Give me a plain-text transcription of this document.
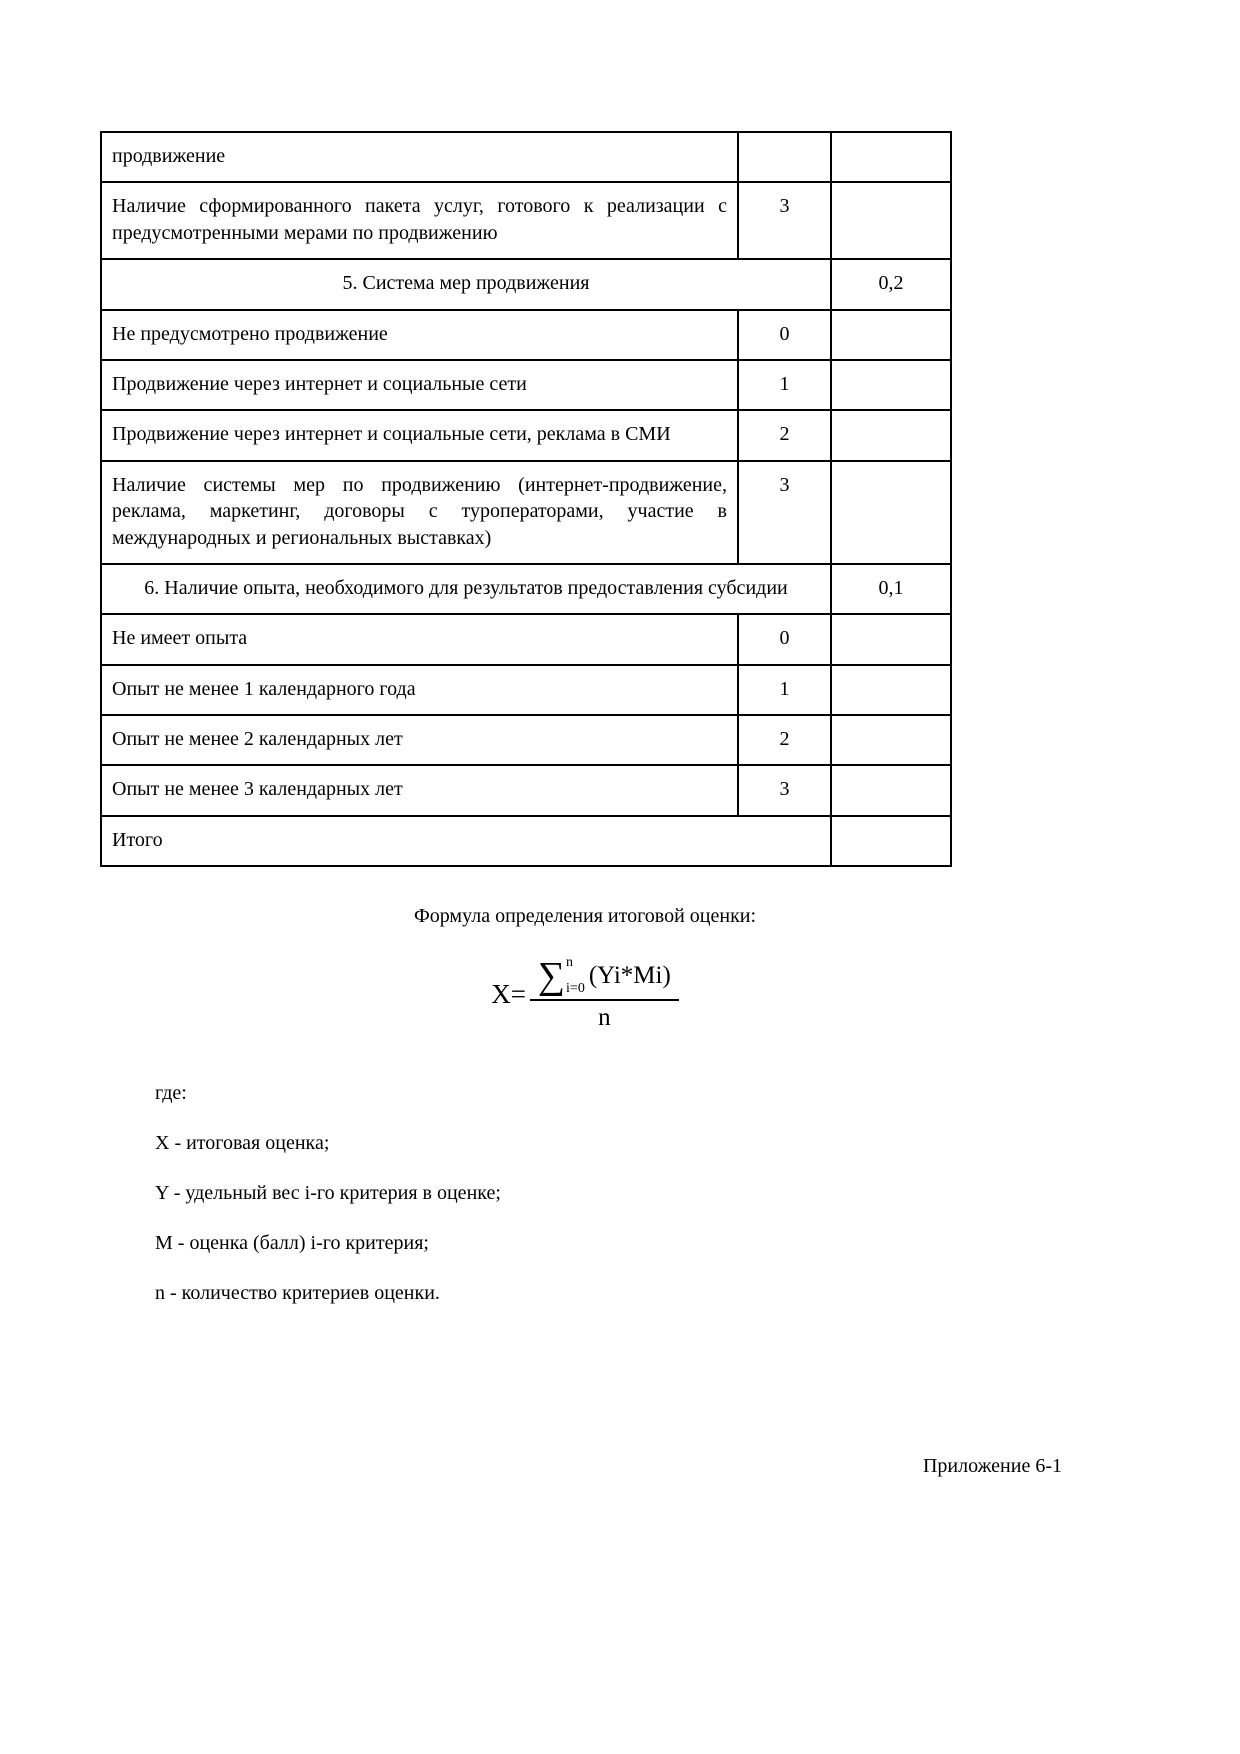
продвижение		
Наличие сформированного пакета услуг, готового к реализации с предусмотренными мерами по продвижению	3	
5. Система мер продвижения		0,2
Не предусмотрено продвижение	0	
Продвижение через интернет и социальные сети	1	
Продвижение через интернет и социальные сети, реклама в СМИ	2	
Наличие системы мер по продвижению (интернет-продвижение, реклама, маркетинг, договоры с туроператорами, участие в международных и региональных выставках)	3	
6. Наличие опыта, необходимого для результатов предоставления субсидии		0,1
Не имеет опыта	0	
Опыт не менее 1 календарного года	1	
Опыт не менее 2 календарных лет	2	
Опыт не менее 3 календарных лет	3	
Итого		
Формула определения итоговой оценки:
X= ∑ n
i=0 (Yi*Mi)
n
где:

X - итоговая оценка;

Y - удельный вес i-го критерия в оценке;

М - оценка (балл) i-го критерия;

n - количество критериев оценки.

Приложение 6-1
